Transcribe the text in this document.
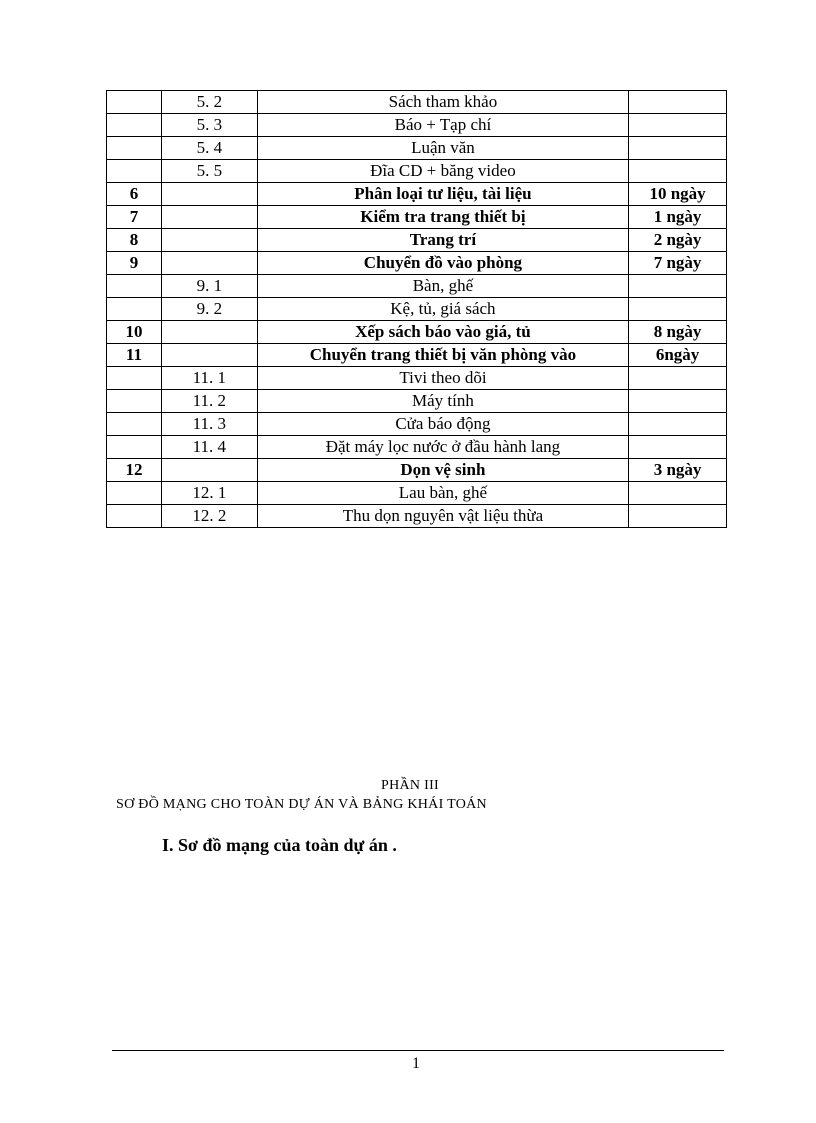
	5. 2	Sách tham khảo	
	5. 3	Báo + Tạp chí	
	5. 4	Luận văn	
	5. 5	Đĩa CD + băng video	
6		Phân loại tư liệu, tài liệu	10 ngày
7		Kiểm tra trang thiết bị	1 ngày
8		Trang trí	2 ngày
9		Chuyển đồ vào phòng	7 ngày
	9. 1	Bàn, ghế	
	9. 2	Kệ, tủ, giá sách	
10		Xếp sách báo vào giá, tủ	8 ngày
11		Chuyển trang thiết bị văn phòng vào	6ngày
	11. 1	Tivi theo dõi	
	11. 2	Máy tính	
	11. 3	Cửa báo động	
	11. 4	Đặt máy lọc nước ở đầu hành lang	
12		Dọn vệ sinh	3 ngày
	12. 1	Lau bàn, ghế	
	12. 2	Thu dọn nguyên vật liệu thừa	
PHẦN III
SƠ ĐỒ MẠNG CHO TOÀN DỰ ÁN VÀ BẢNG KHÁI TOÁN
I. Sơ đồ mạng của toàn dự án .
1
